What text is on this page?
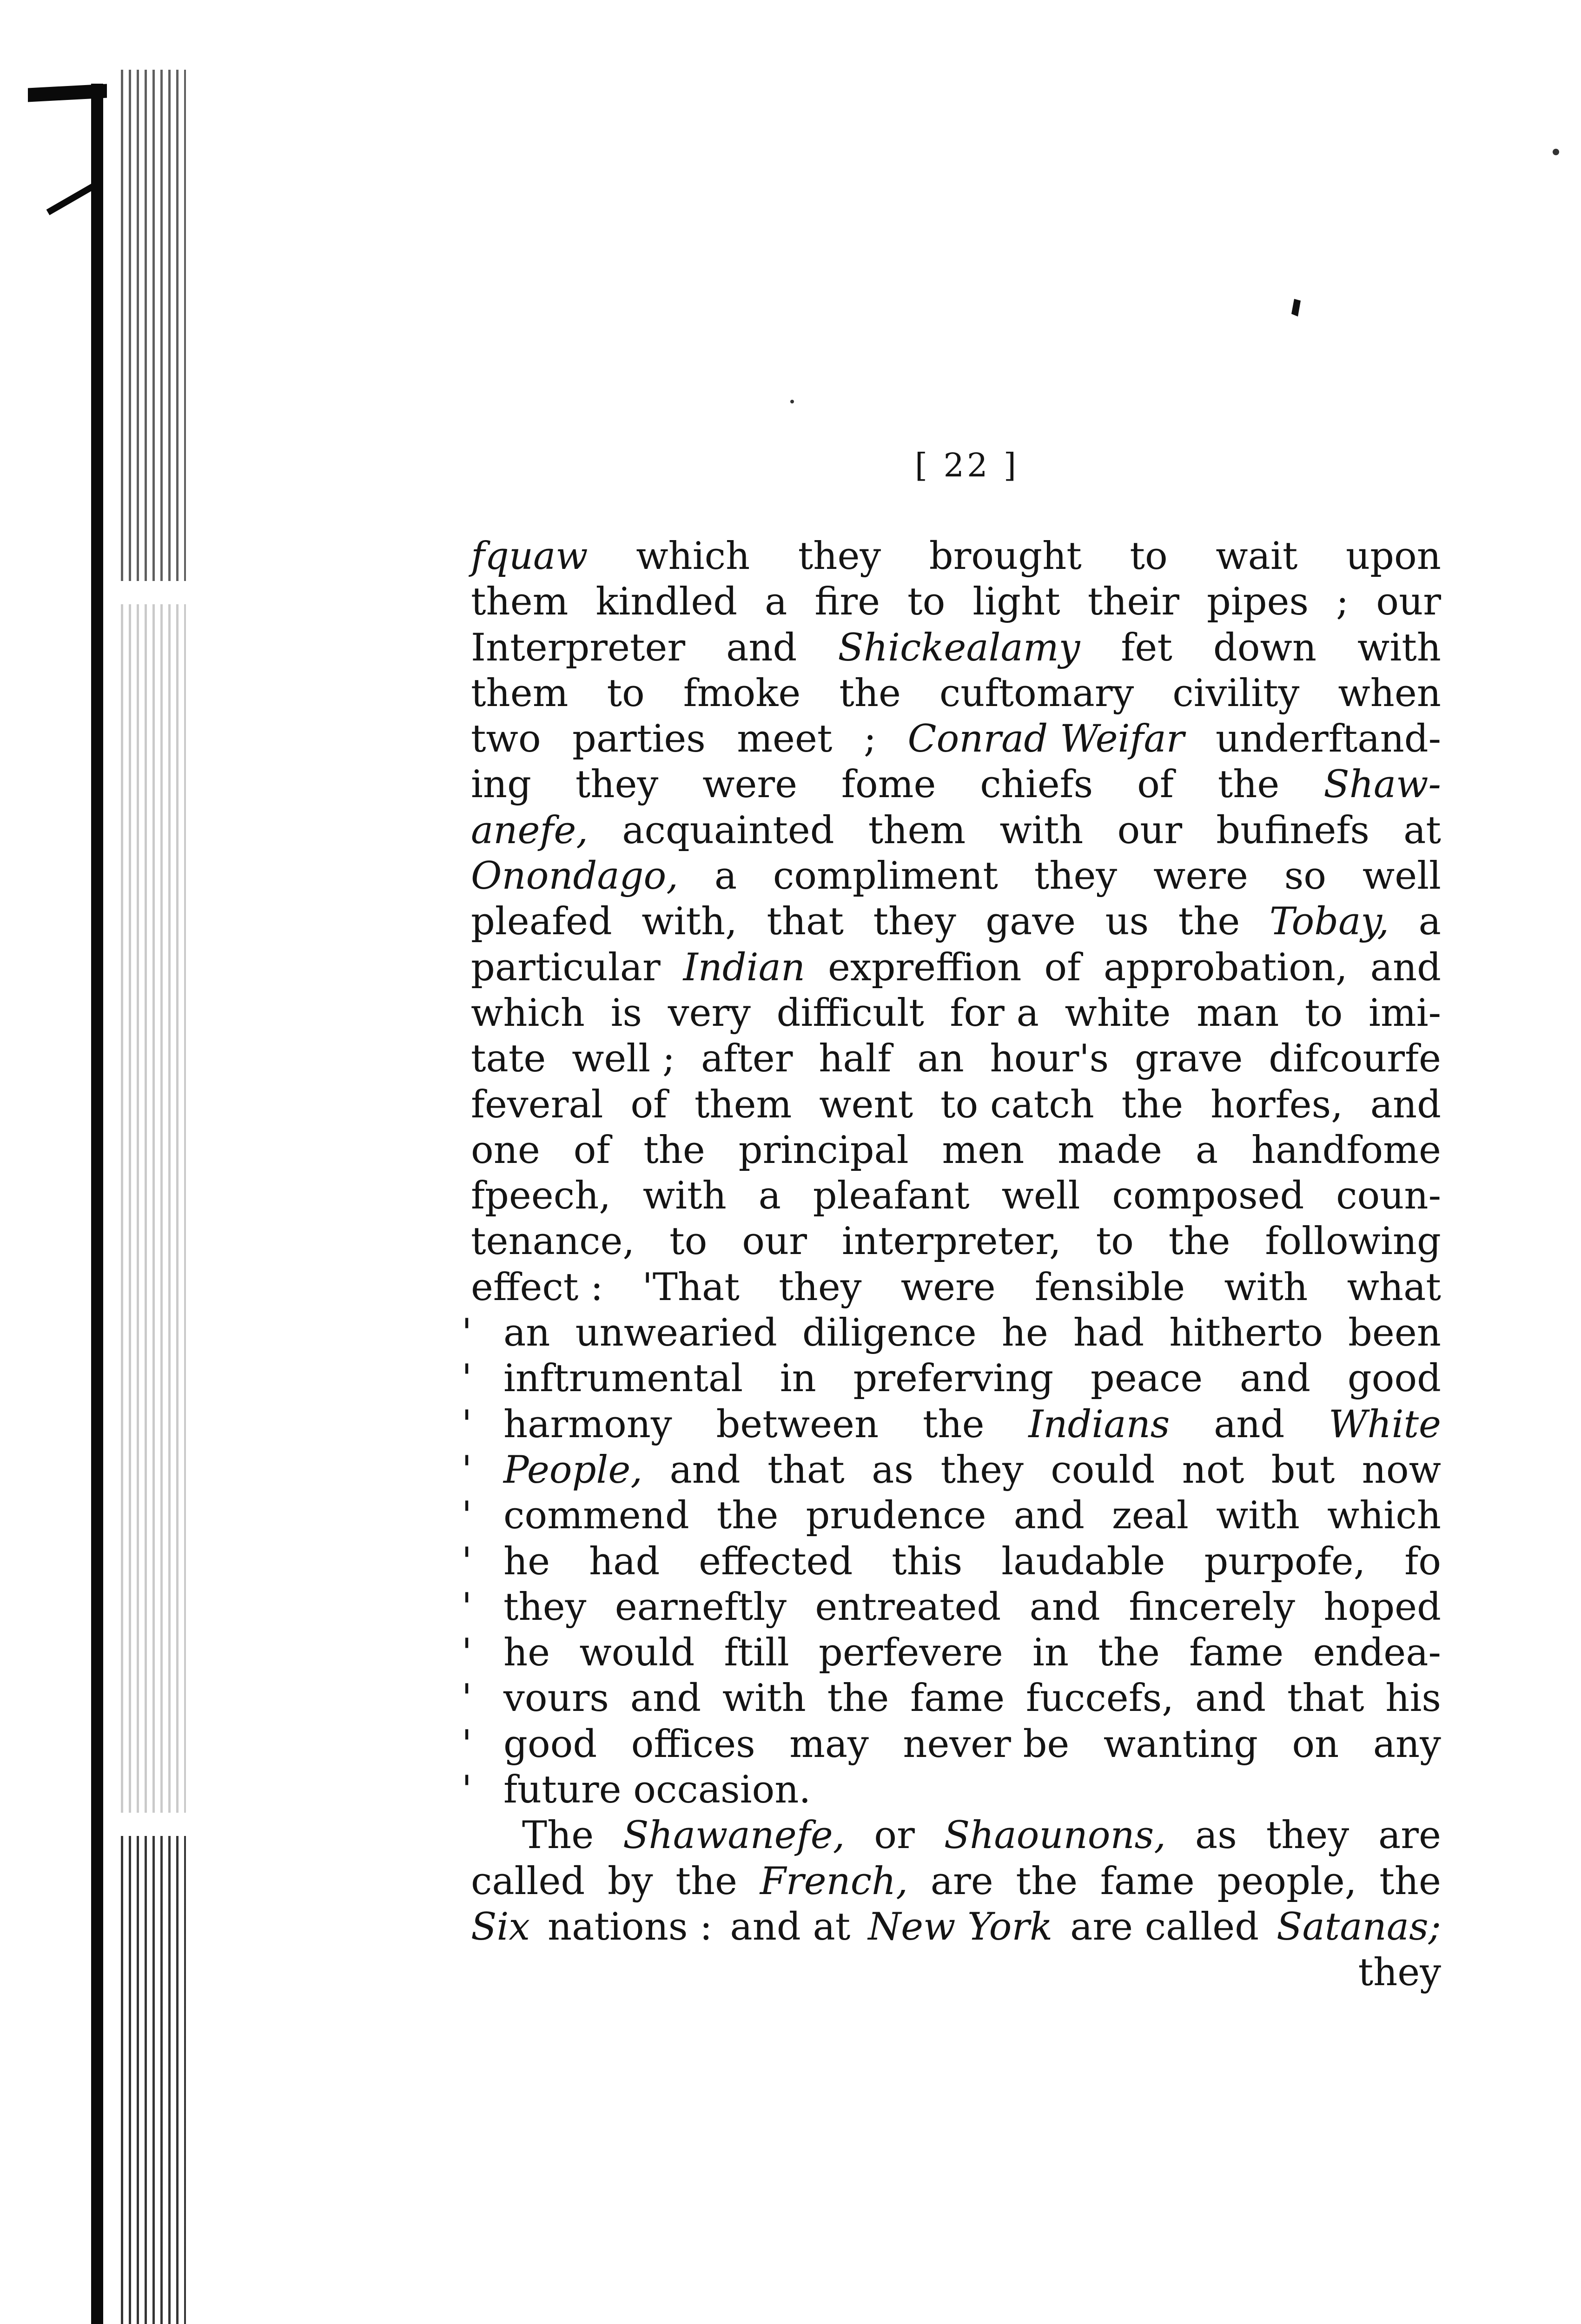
[ 22 ]
fquaw which they brought to wait upon
them kindled a fire to light their pipes ; our
Interpreter and Shickealamy fet down with
them to fmoke the cuftomary civility when
two parties meet ; Conrad Weifar underftand-
ing they were fome chiefs of the Shaw-
anefe, acquainted them with our bufinefs at
Onondago, a compliment they were so well
pleafed with, that they gave us the Tobay, a
particular Indian expreffion of approbation, and
which is very difficult for a white man to imi-
tate well ; after half an hour's grave difcourfe
feveral of them went to catch the horfes, and
one of the principal men made a handfome
fpeech, with a pleafant well composed coun-
tenance, to our interpreter, to the following
effect : 'That they were fensible with what
' an unwearied diligence he had hitherto been
' inftrumental in preferving peace and good
' harmony between the Indians and White
' People, and that as they could not but now
' commend the prudence and zeal with which
' he had effected this laudable purpofe, fo
' they earneftly entreated and fincerely hoped
' he would ftill perfevere in the fame endea-
' vours and with the fame fuccefs, and that his
' good offices may never be wanting on any
' future occasion.
The Shawanefe, or Shaounons, as they are
called by the French, are the fame people, the
Six nations : and at New York are called Satanas;
they
